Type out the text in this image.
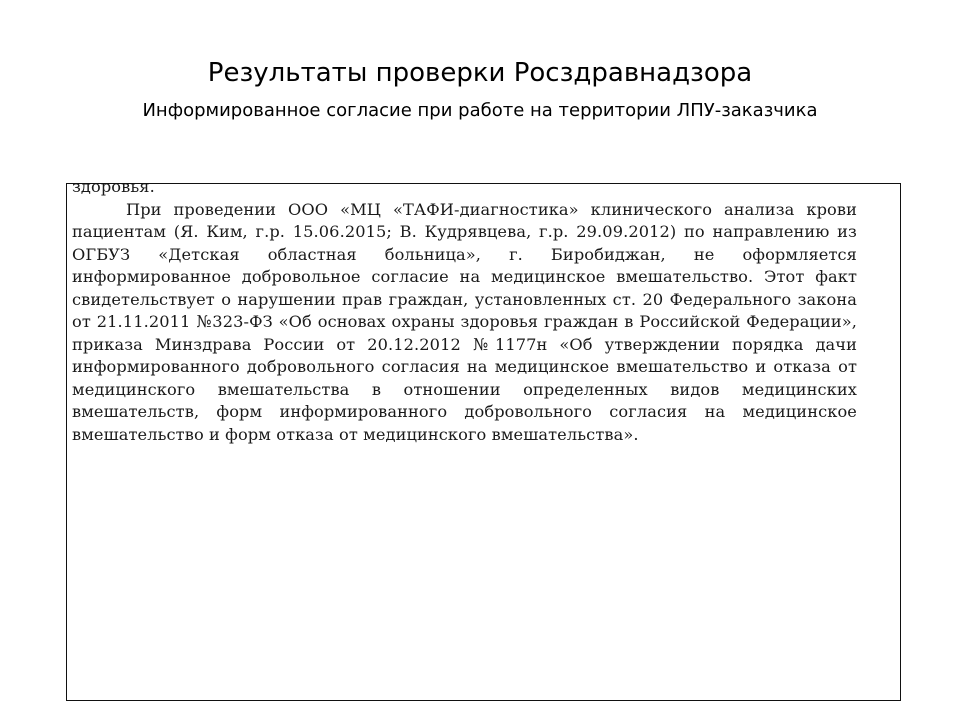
Результаты проверки Росздравнадзора
Информированное согласие при работе на территории ЛПУ-заказчика
здоровья.
При проведении ООО «МЦ «ТАФИ-диагностика» клинического анализа крови пациентам (Я. Ким, г.р. 15.06.2015; В. Кудрявцева, г.р. 29.09.2012) по направлению из ОГБУЗ «Детская областная больница», г. Биробиджан, не оформляется информированное добровольное согласие на медицинское вмешательство. Этот факт свидетельствует о нарушении прав граждан, установленных ст. 20 Федерального закона от 21.11.2011 №323-ФЗ «Об основах охраны здоровья граждан в Российской Федерации», приказа Минздрава России от 20.12.2012 №1177н «Об утверждении порядка дачи информированного добровольного согласия на медицинское вмешательство и отказа от медицинского вмешательства в отношении определенных видов медицинских вмешательств, форм информированного добровольного согласия на медицинское вмешательство и форм отказа от медицинского вмешательства».
